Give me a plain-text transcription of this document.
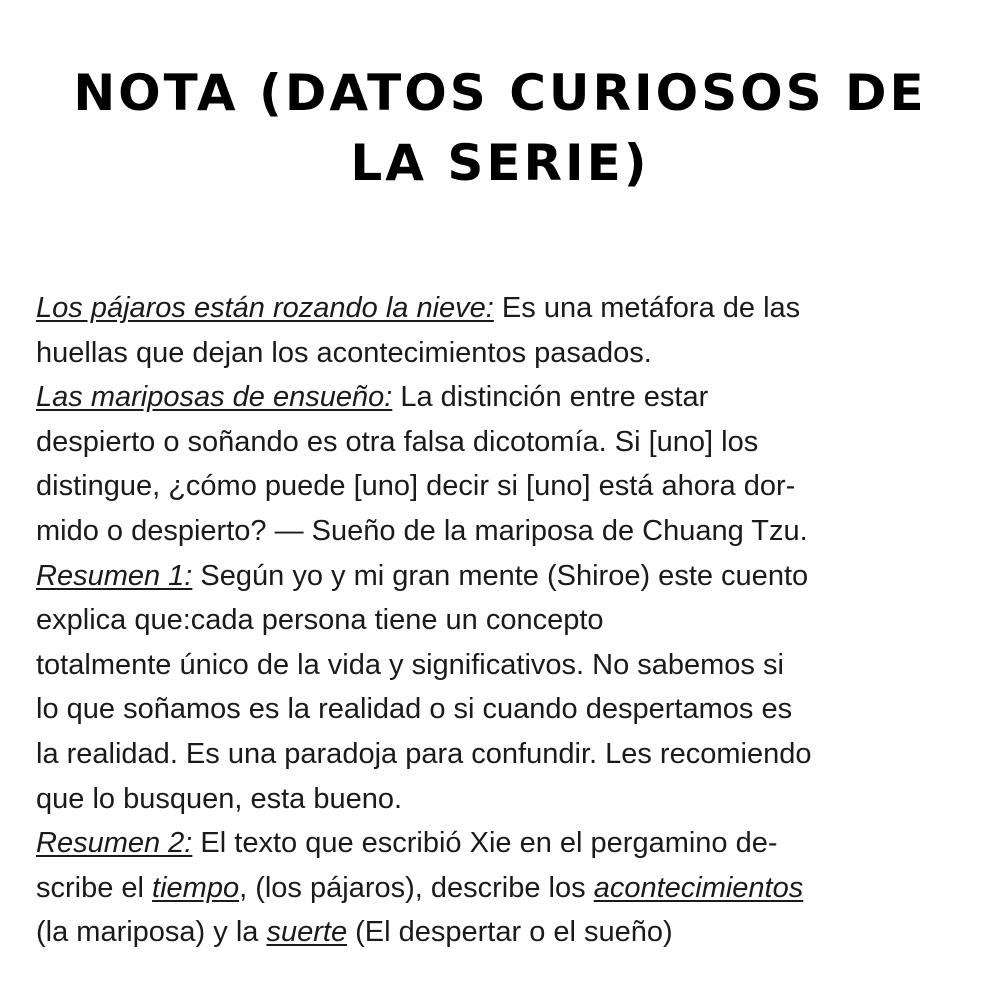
NOTA (DATOS CURIOSOS DE
LA SERIE)
Los pájaros están rozando la nieve: Es una metáfora de las
huellas que dejan los acontecimientos pasados.
Las mariposas de ensueño: La distinción entre estar
despierto o soñando es otra falsa dicotomía. Si [uno] los
distingue, ¿cómo puede [uno] decir si [uno] está ahora dor-
mido o despierto? — Sueño de la mariposa de Chuang Tzu.
Resumen 1: Según yo y mi gran mente (Shiroe) este cuento
explica que:cada persona tiene un concepto
totalmente único de la vida y significativos. No sabemos si
lo que soñamos es la realidad o si cuando despertamos es
la realidad. Es una paradoja para confundir. Les recomiendo
que lo busquen, esta bueno.
Resumen 2: El texto que escribió Xie en el pergamino de-
scribe el tiempo, (los pájaros), describe los acontecimientos
(la mariposa) y la suerte (El despertar o el sueño)
